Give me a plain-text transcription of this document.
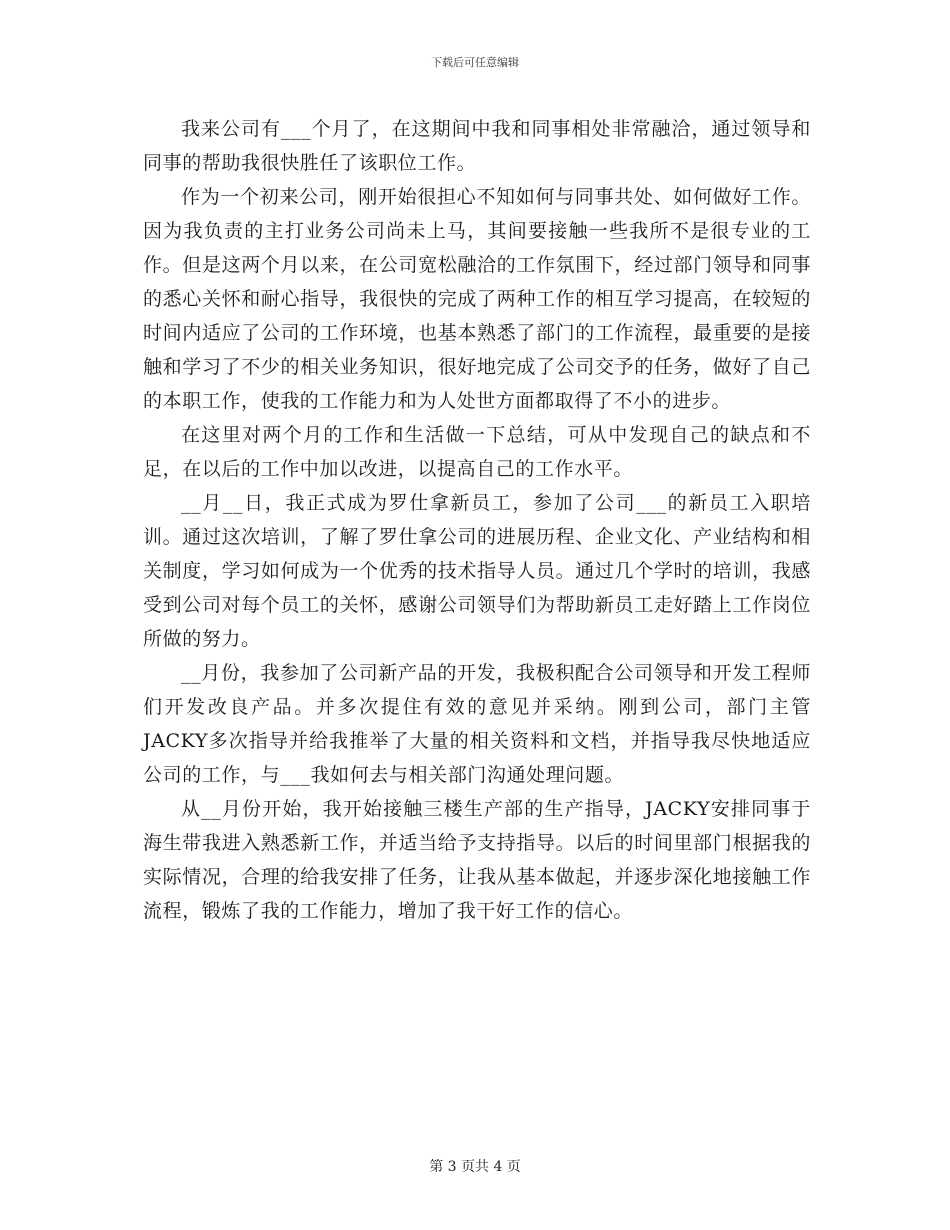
下载后可任意编辑

我来公司有___个月了，在这期间中我和同事相处非常融洽，通过领导和同事的帮助我很快胜任了该职位工作。

作为一个初来公司，刚开始很担心不知如何与同事共处、如何做好工作。因为我负责的主打业务公司尚未上马，其间要接触一些我所不是很专业的工作。但是这两个月以来，在公司宽松融洽的工作氛围下，经过部门领导和同事的悉心关怀和耐心指导，我很快的完成了两种工作的相互学习提高，在较短的时间内适应了公司的工作环境，也基本熟悉了部门的工作流程，最重要的是接触和学习了不少的相关业务知识，很好地完成了公司交予的任务，做好了自己的本职工作，使我的工作能力和为人处世方面都取得了不小的进步。

在这里对两个月的工作和生活做一下总结，可从中发现自己的缺点和不足，在以后的工作中加以改进，以提高自己的工作水平。

__月__日，我正式成为罗仕拿新员工，参加了公司___的新员工入职培训。通过这次培训，了解了罗仕拿公司的进展历程、企业文化、产业结构和相关制度，学习如何成为一个优秀的技术指导人员。通过几个学时的培训，我感受到公司对每个员工的关怀，感谢公司领导们为帮助新员工走好踏上工作岗位所做的努力。

__月份，我参加了公司新产品的开发，我极积配合公司领导和开发工程师们开发改良产品。并多次提住有效的意见并采纳。刚到公司，部门主管JACKY多次指导并给我推举了大量的相关资料和文档，并指导我尽快地适应公司的工作，与___我如何去与相关部门沟通处理问题。

从__月份开始，我开始接触三楼生产部的生产指导，JACKY安排同事于海生带我进入熟悉新工作，并适当给予支持指导。以后的时间里部门根据我的实际情况，合理的给我安排了任务，让我从基本做起，并逐步深化地接触工作流程，锻炼了我的工作能力，增加了我干好工作的信心。

第 3 页共 4 页
